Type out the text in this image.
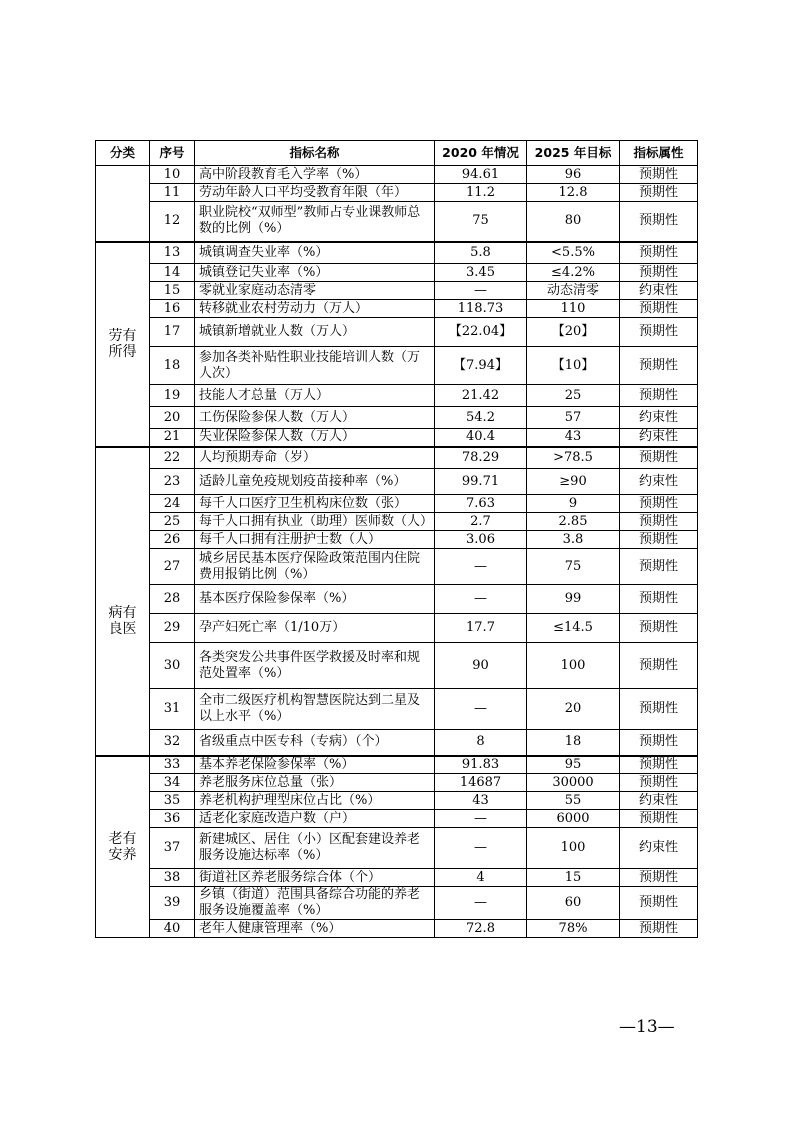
分类	序号	指标名称	2020 年情况	2025 年目标	指标属性

	10	高中阶段教育毛入学率（%）	94.61	96	预期性
	11	劳动年龄人口平均受教育年限（年）	11.2	12.8	预期性
	12	职业院校“双师型”教师占专业课教师总数的比例（%）	75	80	预期性

劳有所得	13	城镇调查失业率（%）	5.8	<5.5%	预期性
	14	城镇登记失业率（%）	3.45	≤4.2%	预期性
	15	零就业家庭动态清零	—	动态清零	约束性
	16	转移就业农村劳动力（万人）	118.73	110	预期性
	17	城镇新增就业人数（万人）	【22.04】	【20】	预期性
	18	参加各类补贴性职业技能培训人数（万人次）	【7.94】	【10】	预期性
	19	技能人才总量（万人）	21.42	25	预期性
	20	工伤保险参保人数（万人）	54.2	57	约束性
	21	失业保险参保人数（万人）	40.4	43	约束性

病有良医	22	人均预期寿命（岁）	78.29	>78.5	预期性
	23	适龄儿童免疫规划疫苗接种率（%）	99.71	≥90	约束性
	24	每千人口医疗卫生机构床位数（张）	7.63	9	预期性
	25	每千人口拥有执业（助理）医师数（人）	2.7	2.85	预期性
	26	每千人口拥有注册护士数（人）	3.06	3.8	预期性
	27	城乡居民基本医疗保险政策范围内住院费用报销比例（%）	—	75	预期性
	28	基本医疗保险参保率（%）	—	99	预期性
	29	孕产妇死亡率（1/10万）	17.7	≤14.5	预期性
	30	各类突发公共事件医学救援及时率和规范处置率（%）	90	100	预期性
	31	全市二级医疗机构智慧医院达到二星及以上水平（%）	—	20	预期性
	32	省级重点中医专科（专病）（个）	8	18	预期性

老有安养	33	基本养老保险参保率（%）	91.83	95	预期性
	34	养老服务床位总量（张）	14687	30000	预期性
	35	养老机构护理型床位占比（%）	43	55	约束性
	36	适老化家庭改造户数（户）	—	6000	预期性
	37	新建城区、居住（小）区配套建设养老服务设施达标率（%）	—	100	约束性
	38	街道社区养老服务综合体（个）	4	15	预期性
	39	乡镇（街道）范围具备综合功能的养老服务设施覆盖率（%）	—	60	预期性
	40	老年人健康管理率（%）	72.8	78%	预期性
—13—
